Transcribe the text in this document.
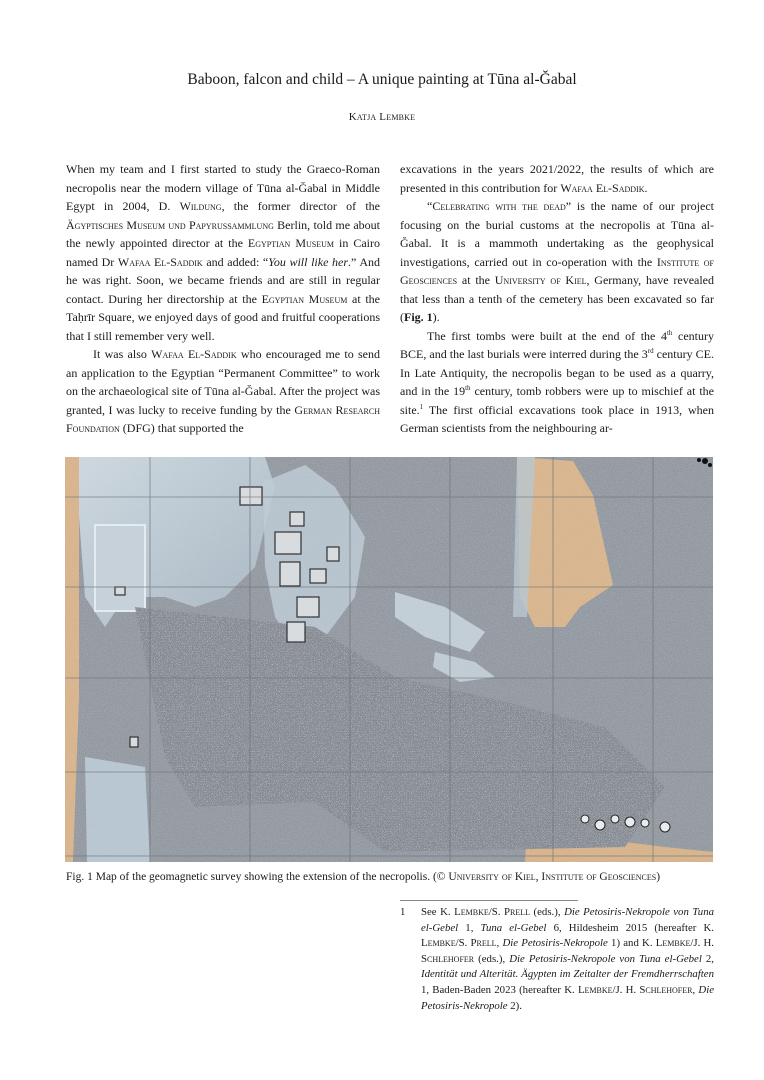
Baboon, falcon and child – A unique painting at Tūna al-Ğabal
Katja Lembke

When my team and I first started to study the Graeco-Roman necropolis near the modern village of Tūna al-Ğabal in Middle Egypt in 2004, D. Wildung, the former director of the Ägyptisches Museum und Papyrussammlung Berlin, told me about the newly appointed director at the Egyptian Museum in Cairo named Dr Wafaa El-Saddik and added: “You will like her.” And he was right. Soon, we became friends and are still in regular contact. During her directorship at the Egyptian Museum at the Taḥrīr Square, we enjoyed days of good and fruitful cooperations that I still remember very well.

It was also Wafaa El-Saddik who encouraged me to send an application to the Egyptian “Permanent Committee” to work on the archaeological site of Tūna al-Ğabal. After the project was granted, I was lucky to receive funding by the German Research Foundation (DFG) that supported the

excavations in the years 2021/2022, the results of which are presented in this contribution for Wafaa El-Saddik.

“Celebrating with the dead” is the name of our project focusing on the burial customs at the necropolis at Tūna al-Ğabal. It is a mammoth undertaking as the geophysical investigations, carried out in co-operation with the Institute of Geosciences at the University of Kiel, Germany, have revealed that less than a tenth of the cemetery has been excavated so far (Fig. 1).

The first tombs were built at the end of the 4th century BCE, and the last burials were interred during the 3rd century CE. In Late Antiquity, the necropolis began to be used as a quarry, and in the 19th century, tomb robbers were up to mischief at the site.$^1$ The first official excavations took place in 1913, when German scientists from the neighbouring ar-

Fig. 1 Map of the geomagnetic survey showing the extension of the necropolis. (© University of Kiel, Institute of Geosciences)
1	See K. Lembke/S. Prell (eds.), Die Petosiris-Nekropole von Tuna el-Gebel 1, Tuna el-Gebel 6, Hildesheim 2015 (hereafter K. Lembke/S. Prell, Die Petosiris-Nekropole 1) and K. Lembke/J. H. Schlehofer (eds.), Die Petosiris-Nekropole von Tuna el-Gebel 2, Identität und Alterität. Ägypten im Zeitalter der Fremdherrschaften 1, Baden-Baden 2023 (hereafter K. Lembke/J. H. Schlehofer, Die Petosiris-Nekropole 2).
